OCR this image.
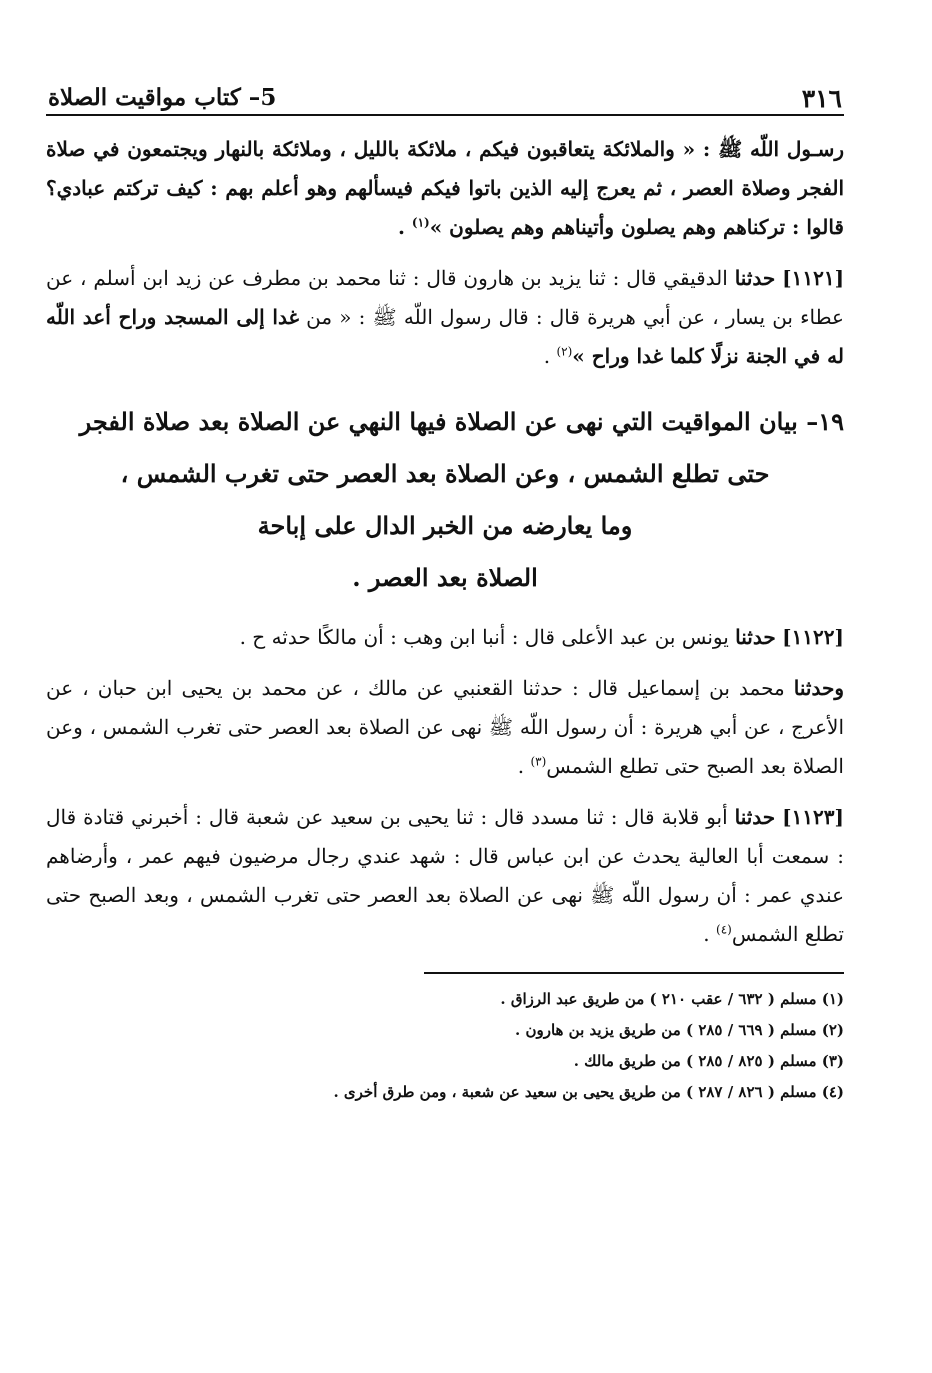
٣١٦
5– كتاب مواقيت الصلاة

رسـول اللّه ﷺ : « والملائكة يتعاقبون فيكم ، ملائكة بالليل ، وملائكة بالنهار ويجتمعون في صلاة الفجر وصلاة العصر ، ثم يعرج إليه الذين باتوا فيكم فيسألهم وهو أعلم بهم : كيف تركتم عبادي؟ قالوا : تركناهم وهم يصلون وأتيناهم وهم يصلون »$^{(١)}$ .

[١١٢١] حدثنا الدقيقي قال : ثنا يزيد بن هارون قال : ثنا محمد بن مطرف عن زيد ابن أسلم ، عن عطاء بن يسار ، عن أبي هريرة قال : قال رسول اللّه ﷺ : « من غدا إلى المسجد وراح أعد اللّه له في الجنة نزلًا كلما غدا وراح »$^{(٢)}$ .

١٩– بيان المواقيت التي نهى عن الصلاة فيها النهي عن الصلاة بعد صلاة الفجر
حتى تطلع الشمس ، وعن الصلاة بعد العصر حتى تغرب الشمس ،
وما يعارضه من الخبر الدال على إباحة
الصلاة بعد العصر .

[١١٢٢] حدثنا يونس بن عبد الأعلى قال : أنبا ابن وهب : أن مالكًا حدثه ح .

وحدثنا محمد بن إسماعيل قال : حدثنا القعنبي عن مالك ، عن محمد بن يحيى ابن حبان ، عن الأعرج ، عن أبي هريرة : أن رسول اللّه ﷺ نهى عن الصلاة بعد العصر حتى تغرب الشمس ، وعن الصلاة بعد الصبح حتى تطلع الشمس$^{(٣)}$ .

[١١٢٣] حدثنا أبو قلابة قال : ثنا مسدد قال : ثنا يحيى بن سعيد عن شعبة قال : أخبرني قتادة قال : سمعت أبا العالية يحدث عن ابن عباس قال : شهد عندي رجال مرضيون فيهم عمر ، وأرضاهم عندي عمر : أن رسول اللّه ﷺ نهى عن الصلاة بعد العصر حتى تغرب الشمس ، وبعد الصبح حتى تطلع الشمس$^{(٤)}$ .

(١) مسلم ( ٦٣٢ / عقب ٢١٠ ) من طريق عبد الرزاق .
(٢) مسلم ( ٦٦٩ / ٢٨٥ ) من طريق يزيد بن هارون .
(٣) مسلم ( ٨٢٥ / ٢٨٥ ) من طريق مالك .
(٤) مسلم ( ٨٢٦ / ٢٨٧ ) من طريق يحيى بن سعيد عن شعبة ، ومن طرق أخرى .
